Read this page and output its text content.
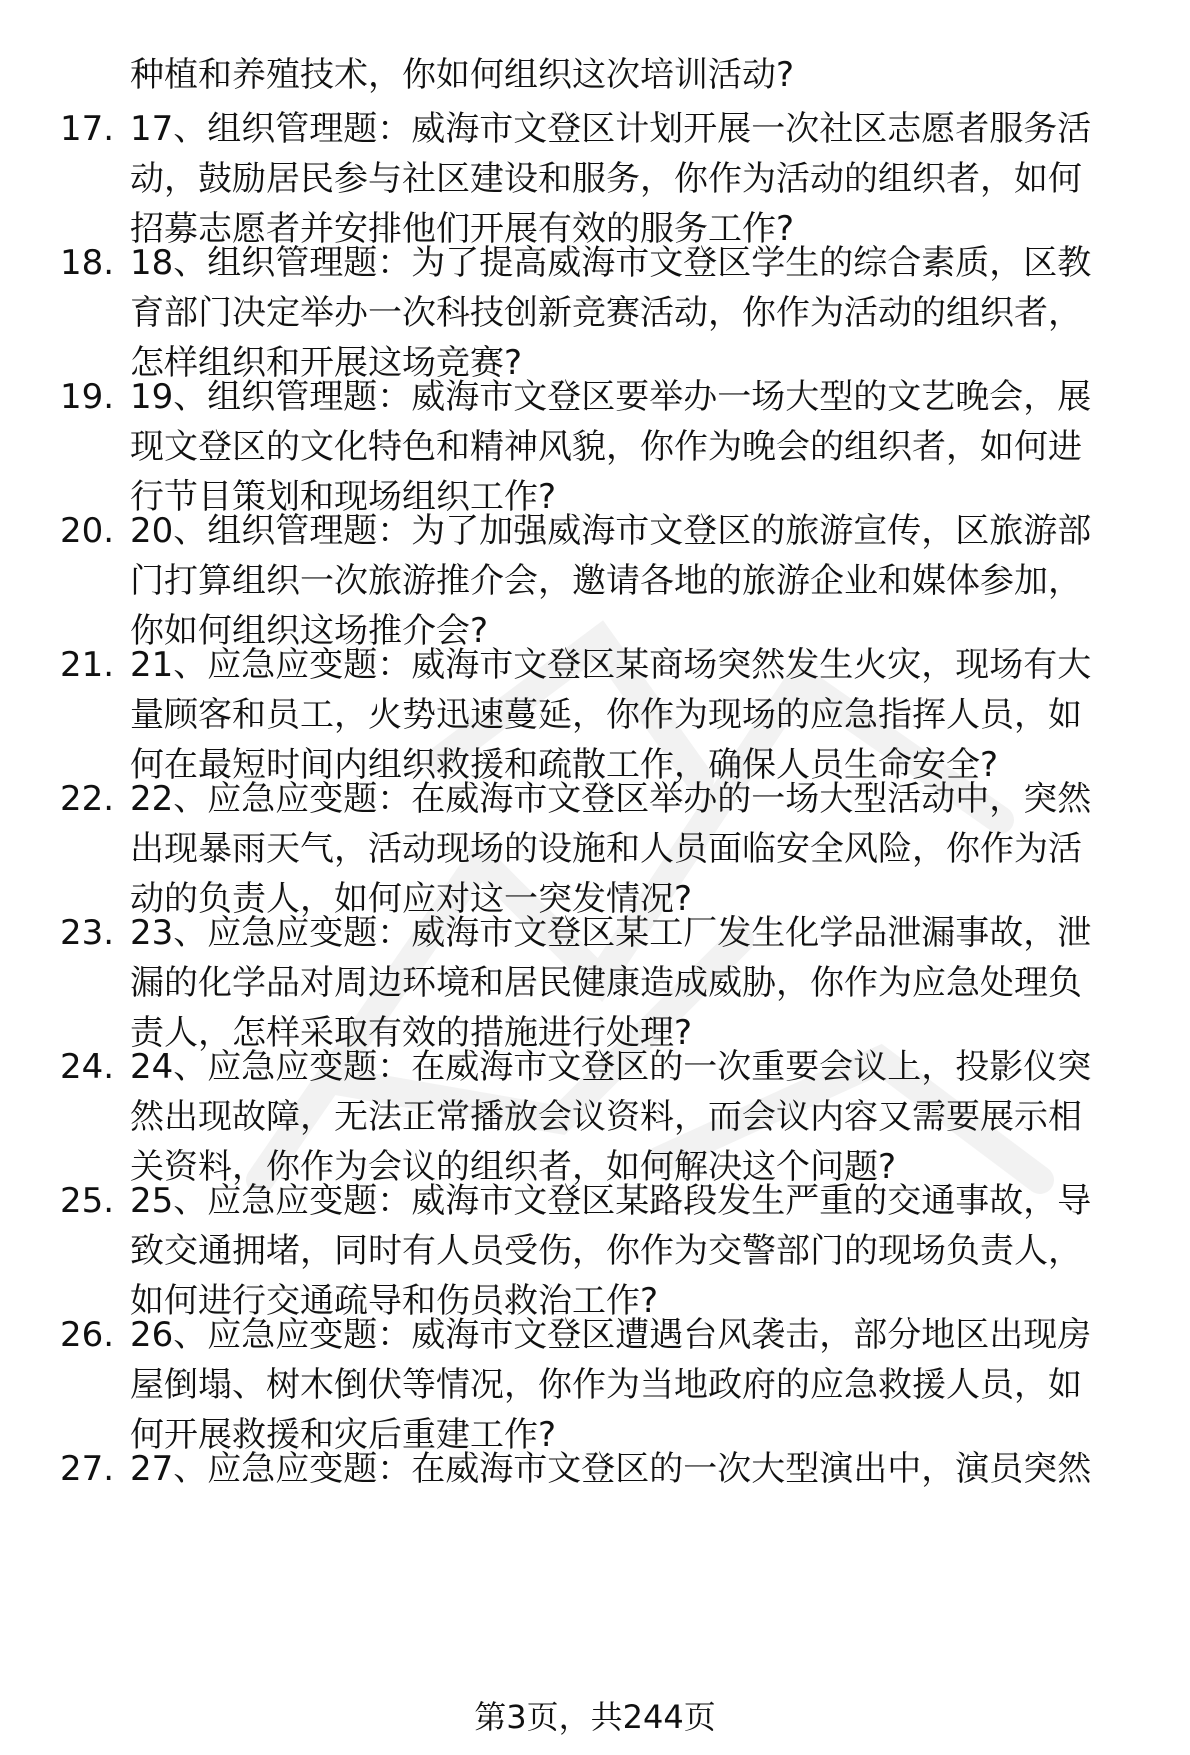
种植和养殖技术，你如何组织这次培训活动?
17. 17、组织管理题：威海市文登区计划开展一次社区志愿者服务活
动，鼓励居民参与社区建设和服务，你作为活动的组织者，如何
招募志愿者并安排他们开展有效的服务工作?
18. 18、组织管理题：为了提高威海市文登区学生的综合素质，区教
育部门决定举办一次科技创新竞赛活动，你作为活动的组织者，
怎样组织和开展这场竞赛?
19. 19、组织管理题：威海市文登区要举办一场大型的文艺晚会，展
现文登区的文化特色和精神风貌，你作为晚会的组织者，如何进
行节目策划和现场组织工作?
20. 20、组织管理题：为了加强威海市文登区的旅游宣传，区旅游部
门打算组织一次旅游推介会，邀请各地的旅游企业和媒体参加，
你如何组织这场推介会?
21. 21、应急应变题：威海市文登区某商场突然发生火灾，现场有大
量顾客和员工，火势迅速蔓延，你作为现场的应急指挥人员，如
何在最短时间内组织救援和疏散工作，确保人员生命安全?
22. 22、应急应变题：在威海市文登区举办的一场大型活动中，突然
出现暴雨天气，活动现场的设施和人员面临安全风险，你作为活
动的负责人，如何应对这一突发情况?
23. 23、应急应变题：威海市文登区某工厂发生化学品泄漏事故，泄
漏的化学品对周边环境和居民健康造成威胁，你作为应急处理负
责人，怎样采取有效的措施进行处理?
24. 24、应急应变题：在威海市文登区的一次重要会议上，投影仪突
然出现故障，无法正常播放会议资料，而会议内容又需要展示相
关资料，你作为会议的组织者，如何解决这个问题?
25. 25、应急应变题：威海市文登区某路段发生严重的交通事故，导
致交通拥堵，同时有人员受伤，你作为交警部门的现场负责人，
如何进行交通疏导和伤员救治工作?
26. 26、应急应变题：威海市文登区遭遇台风袭击，部分地区出现房
屋倒塌、树木倒伏等情况，你作为当地政府的应急救援人员，如
何开展救援和灾后重建工作?
27. 27、应急应变题：在威海市文登区的一次大型演出中，演员突然
第3页，共244页
